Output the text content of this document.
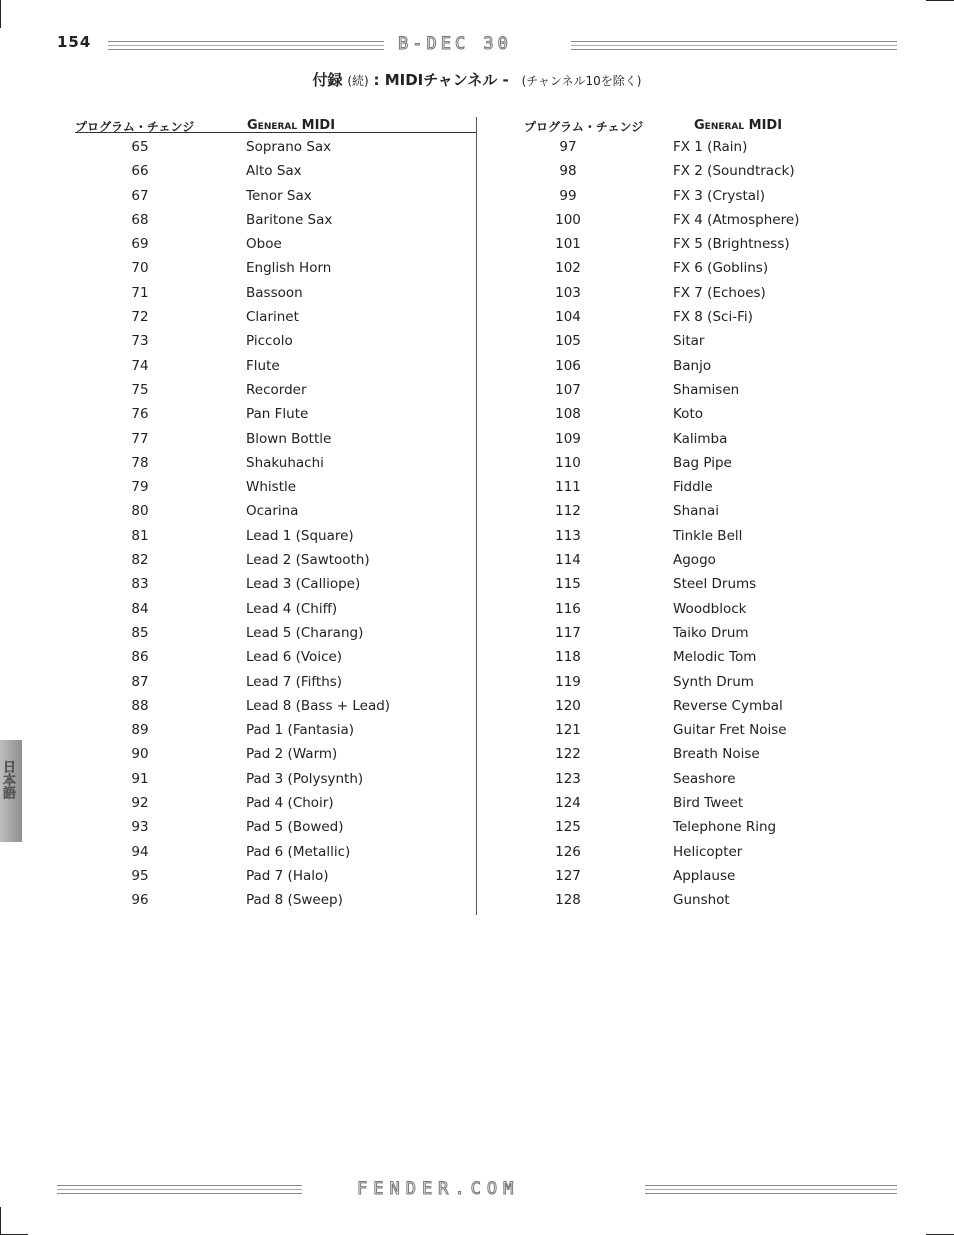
154	B-DEC 30
付録 (続) : MIDIチャンネル - (チャンネル10を除く)
プログラム・チェンジ	General MIDI	プログラム・チェンジ	General MIDI
65	Soprano Sax
66	Alto Sax
67	Tenor Sax
68	Baritone Sax
69	Oboe
70	English Horn
71	Bassoon
72	Clarinet
73	Piccolo
74	Flute
75	Recorder
76	Pan Flute
77	Blown Bottle
78	Shakuhachi
79	Whistle
80	Ocarina
81	Lead 1 (Square)
82	Lead 2 (Sawtooth)
83	Lead 3 (Calliope)
84	Lead 4 (Chiff)
85	Lead 5 (Charang)
86	Lead 6 (Voice)
87	Lead 7 (Fifths)
88	Lead 8 (Bass + Lead)
89	Pad 1 (Fantasia)
90	Pad 2 (Warm)
91	Pad 3 (Polysynth)
92	Pad 4 (Choir)
93	Pad 5 (Bowed)
94	Pad 6 (Metallic)
95	Pad 7 (Halo)
96	Pad 8 (Sweep)
97	FX 1 (Rain)
98	FX 2 (Soundtrack)
99	FX 3 (Crystal)
100	FX 4 (Atmosphere)
101	FX 5 (Brightness)
102	FX 6 (Goblins)
103	FX 7 (Echoes)
104	FX 8 (Sci-Fi)
105	Sitar
106	Banjo
107	Shamisen
108	Koto
109	Kalimba
110	Bag Pipe
111	Fiddle
112	Shanai
113	Tinkle Bell
114	Agogo
115	Steel Drums
116	Woodblock
117	Taiko Drum
118	Melodic Tom
119	Synth Drum
120	Reverse Cymbal
121	Guitar Fret Noise
122	Breath Noise
123	Seashore
124	Bird Tweet
125	Telephone Ring
126	Helicopter
127	Applause
128	Gunshot
日本語
FENDER.COM
